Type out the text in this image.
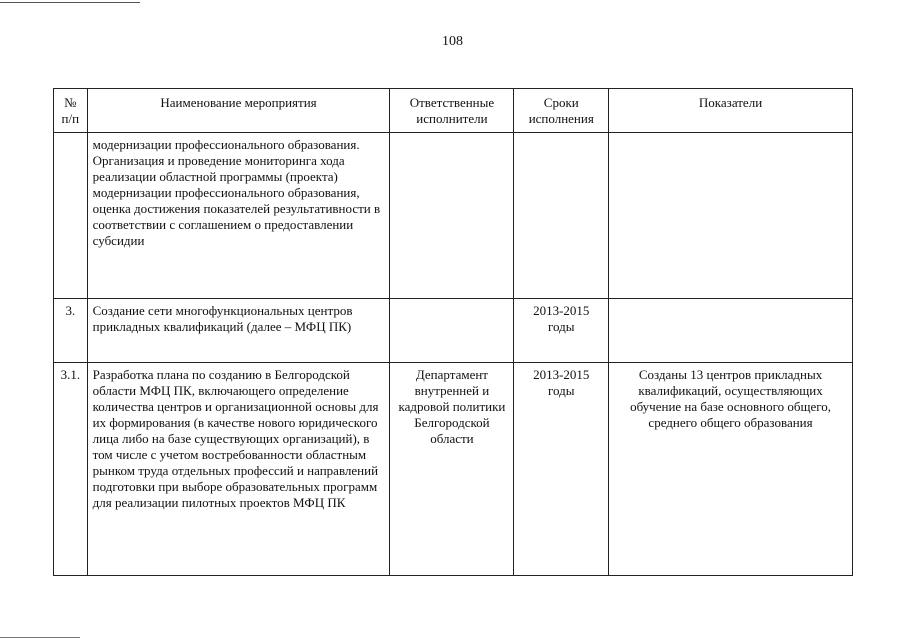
108
№ п/п	Наименование мероприятия	Ответственные исполнители	Сроки исполнения	Показатели

	модернизации профессионального образования.
Организация и проведение мониторинга хода реализации областной программы (проекта) модернизации профессионального образования, оценка достижения показателей результативности в соответствии с соглашением о предоставлении субсидии			

3.	Создание сети многофункциональных центров прикладных квалификаций (далее – МФЦ ПК)		2013-2015 годы	
3.1.	Разработка плана по созданию в Белгородской области МФЦ ПК, включающего определение количества центров и организационной основы для их формирования (в качестве нового юридического лица либо на базе существующих организаций), в том числе с учетом востребованности областным рынком труда отдельных профессий и направлений подготовки при выборе образовательных программ для реализации пилотных проектов МФЦ ПК	Департамент внутренней и кадровой политики Белгородской области	2013-2015 годы	Созданы 13 центров прикладных квалификаций, осуществляющих обучение на базе основного общего, среднего общего образования
